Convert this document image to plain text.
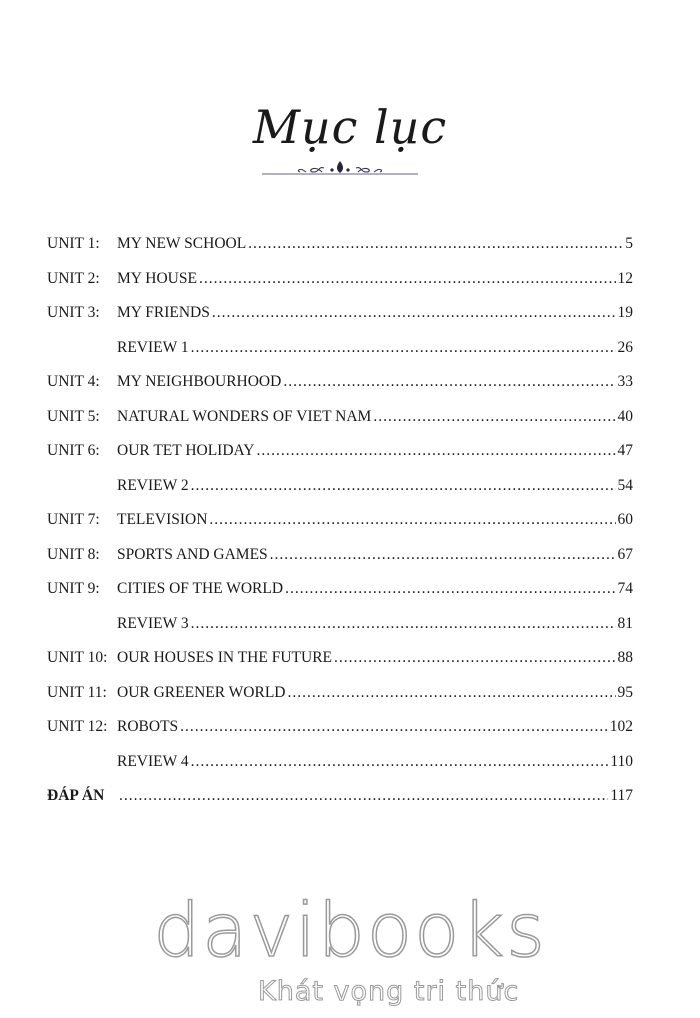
Mục lục
UNIT 1:	MY NEW SCHOOL .....	5
UNIT 2:	MY HOUSE .....	12
UNIT 3:	MY FRIENDS .....	19
REVIEW 1 .....	26
UNIT 4:	MY NEIGHBOURHOOD .....	33
UNIT 5:	NATURAL WONDERS OF VIET NAM .....	40
UNIT 6:	OUR TET HOLIDAY .....	47
REVIEW 2 .....	54
UNIT 7:	TELEVISION .....	60
UNIT 8:	SPORTS AND GAMES .....	67
UNIT 9:	CITIES OF THE WORLD .....	74
REVIEW 3 .....	81
UNIT 10: OUR HOUSES IN THE FUTURE .....	88
UNIT 11: OUR GREENER WORLD .....	95
UNIT 12: ROBOTS .....	102
REVIEW 4 .....	110
ĐÁP ÁN .....	117
davibooks
Khát vọng tri thức
